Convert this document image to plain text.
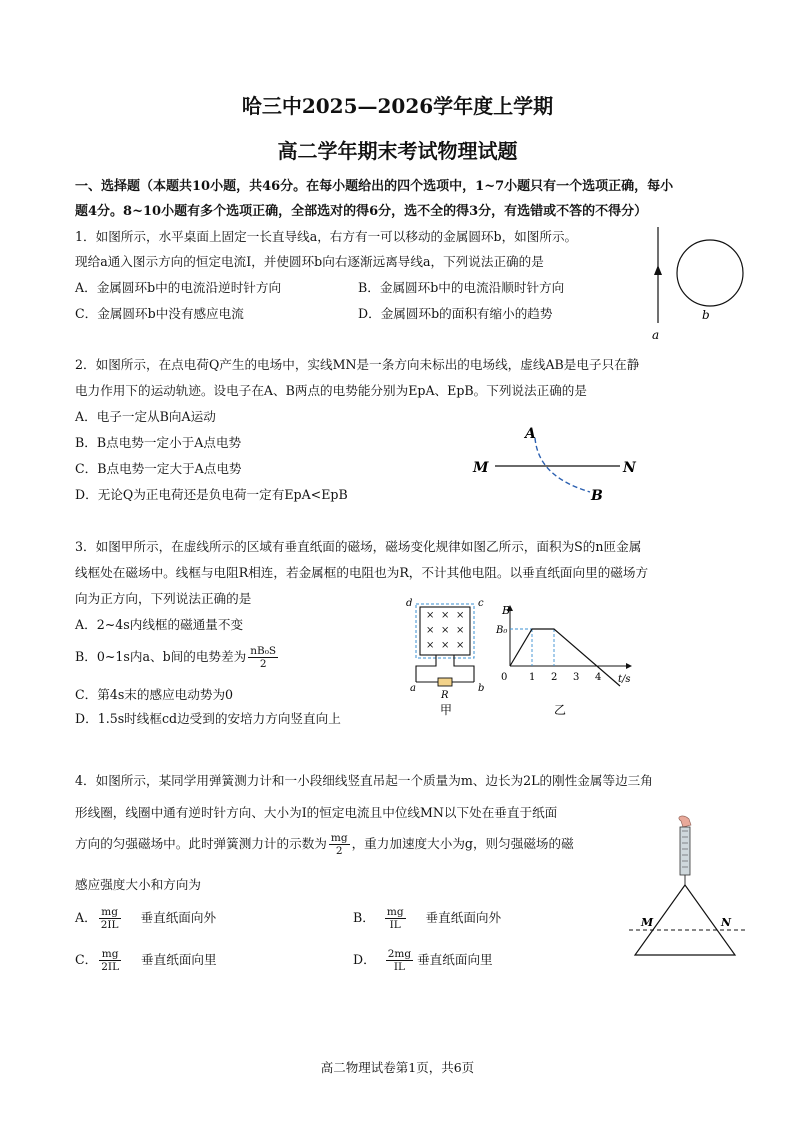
哈三中2025—2026学年度上学期
高二学年期末考试物理试题
一、选择题（本题共10小题，共46分。在每小题给出的四个选项中，1~7小题只有一个选项正确，每小
题4分。8~10小题有多个选项正确，全部选对的得6分，选不全的得3分，有选错或不答的不得分）
1．如图所示，水平桌面上固定一长直导线a，右方有一可以移动的金属圆环b，如图所示。
现给a通入图示方向的恒定电流I，并使圆环b向右逐渐远离导线a，下列说法正确的是
A．金属圆环b中的电流沿逆时针方向	B．金属圆环b中的电流沿顺时针方向
C．金属圆环b中没有感应电流	D．金属圆环b的面积有缩小的趋势
a
b
2．如图所示，在点电荷Q产生的电场中，实线MN是一条方向未标出的电场线，虚线AB是电子只在静
电力作用下的运动轨迹。设电子在A、B两点的电势能分别为EpA、EpB。下列说法正确的是
A．电子一定从B向A运动
B．B点电势一定小于A点电势
C．B点电势一定大于A点电势
D．无论Q为正电荷还是负电荷一定有EpA<EpB
A
B
M	N
3．如图甲所示，在虚线所示的区域有垂直纸面的磁场，磁场变化规律如图乙所示，面积为S的n匝金属
线框处在磁场中。线框与电阻R相连，若金属框的电阻也为R，不计其他电阻。以垂直纸面向里的磁场方
向为正方向，下列说法正确的是
A．2~4s内线框的磁通量不变
B．0~1s内a、b间的电势差为 $\frac{\text{nB₀S}}{2}$
C．第4s末的感应电动势为0
D．1.5s时线框cd边受到的安培力方向竖直向上
× × ×
× × ×
× × ×
d	c
a	b
R
甲
B
B₀
0 1 2 3 4 t/s
乙
4．如图所示，某同学用弹簧测力计和一小段细线竖直吊起一个质量为m、边长为2L的刚性金属等边三角
形线圈，线圈中通有逆时针方向、大小为I的恒定电流且中位线MN以下处在垂直于纸面
方向的匀强磁场中。此时弹簧测力计的示数为 $\frac{mg}{2}$ ，重力加速度大小为g，则匀强磁场的磁
感应强度大小和方向为
A． $\frac{mg}{2IL}$ 垂直纸面向外	B． $\frac{mg}{IL}$ 垂直纸面向外
C． $\frac{mg}{2IL}$ 垂直纸面向里	D． $\frac{2mg}{IL}$ 垂直纸面向里
M	N
高二物理试卷第1页，共6页
